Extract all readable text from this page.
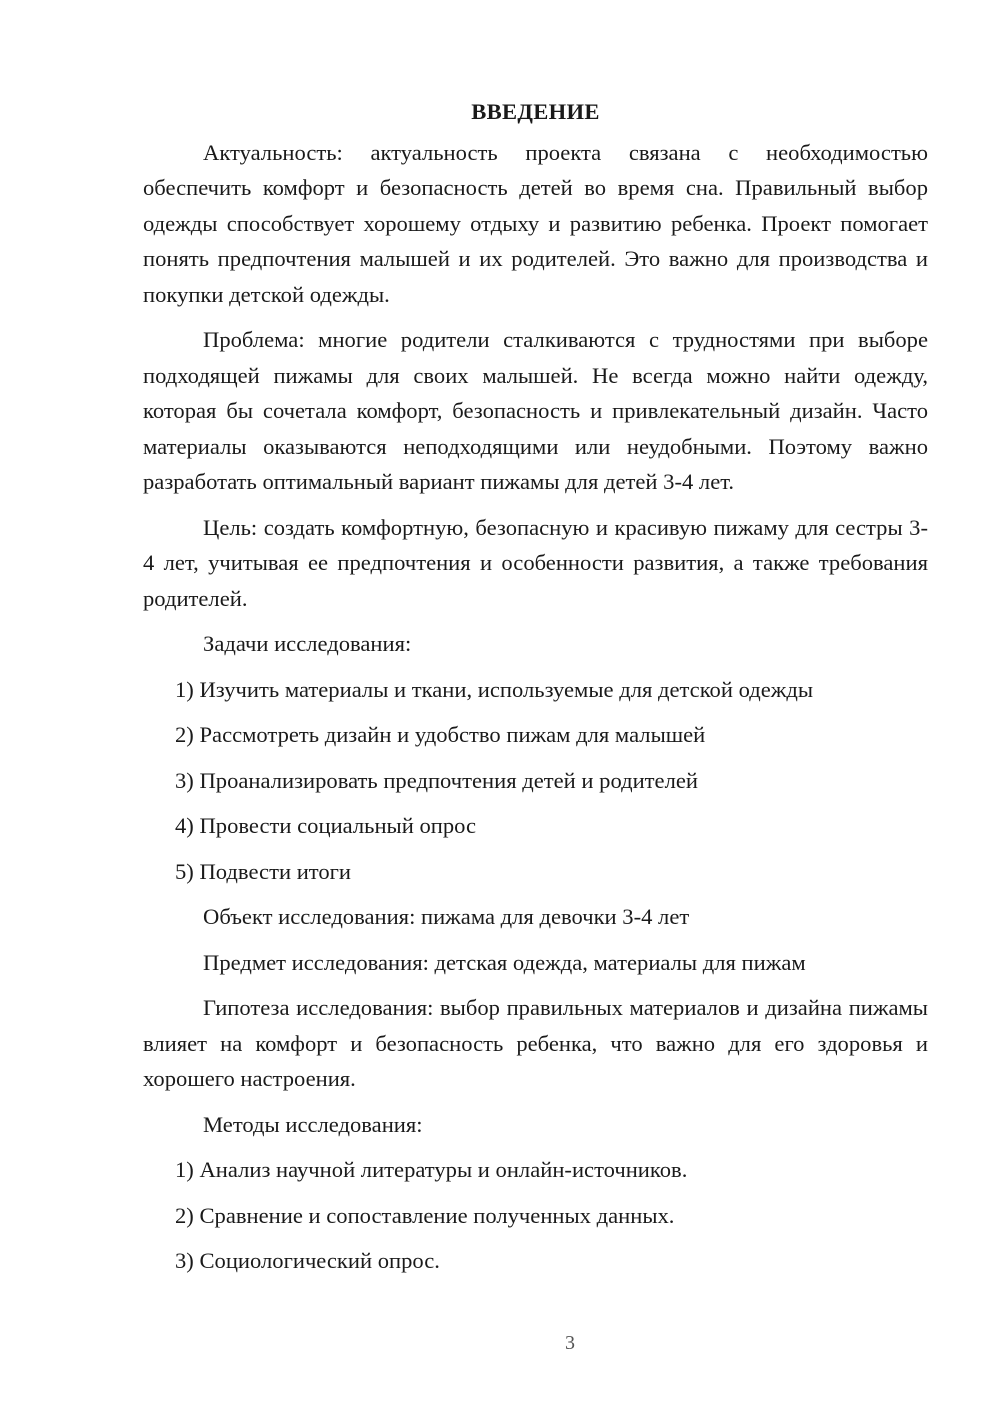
ВВЕДЕНИЕ

Актуальность: актуальность проекта связана с необходимостью обеспечить комфорт и безопасность детей во время сна. Правильный выбор одежды способствует хорошему отдыху и развитию ребенка. Проект помогает понять предпочтения малышей и их родителей. Это важно для производства и покупки детской одежды.

Проблема: многие родители сталкиваются с трудностями при выборе подходящей пижамы для своих малышей. Не всегда можно найти одежду, которая бы сочетала комфорт, безопасность и привлекательный дизайн. Часто материалы оказываются неподходящими или неудобными. Поэтому важно разработать оптимальный вариант пижамы для детей 3-4 лет.

Цель: создать комфортную, безопасную и красивую пижаму для сестры 3-4 лет, учитывая ее предпочтения и особенности развития, а также требования родителей.

Задачи исследования:

1) Изучить материалы и ткани, используемые для детской одежды

2) Рассмотреть дизайн и удобство пижам для малышей

3) Проанализировать предпочтения детей и родителей

4) Провести социальный опрос

5) Подвести итоги

Объект исследования: пижама для девочки 3-4 лет

Предмет исследования: детская одежда, материалы для пижам

Гипотеза исследования: выбор правильных материалов и дизайна пижамы влияет на комфорт и безопасность ребенка, что важно для его здоровья и хорошего настроения.

Методы исследования:

1) Анализ научной литературы и онлайн-источников.

2) Сравнение и сопоставление полученных данных.

3) Социологический опрос.

3
